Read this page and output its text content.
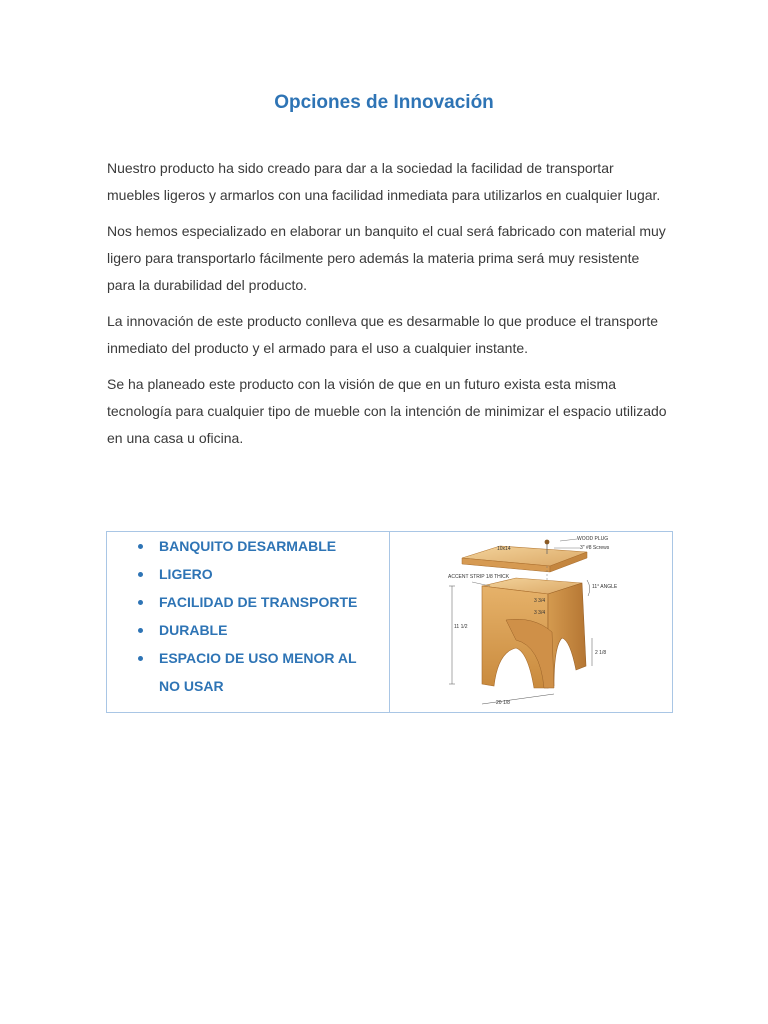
Opciones de Innovación

Nuestro producto ha sido creado para dar a la sociedad la facilidad de transportar muebles ligeros y armarlos con una facilidad inmediata para utilizarlos en cualquier lugar.

Nos hemos especializado en elaborar un banquito el cual será fabricado con material muy ligero para transportarlo fácilmente pero además la materia prima será muy resistente para la durabilidad del producto.

La innovación de este producto conlleva que es desarmable lo que produce el transporte inmediato del producto y el armado para el uso a cualquier instante.

Se ha planeado este producto con la visión de que en un futuro exista esta misma tecnología para cualquier tipo de mueble con la intención de minimizar el espacio utilizado en una casa u oficina.

BANQUITO DESARMABLE
LIGERO
FACILIDAD DE TRANSPORTE
DURABLE
ESPACIO DE USO MENOR AL NO USAR
WOOD PLUG
3" #8 Screws
10x14
ACCENT STRIP 1/8 THICK
11 1/2
11° ANGLE
3 3/4
3 3/4
2 1/8
20 1/8
